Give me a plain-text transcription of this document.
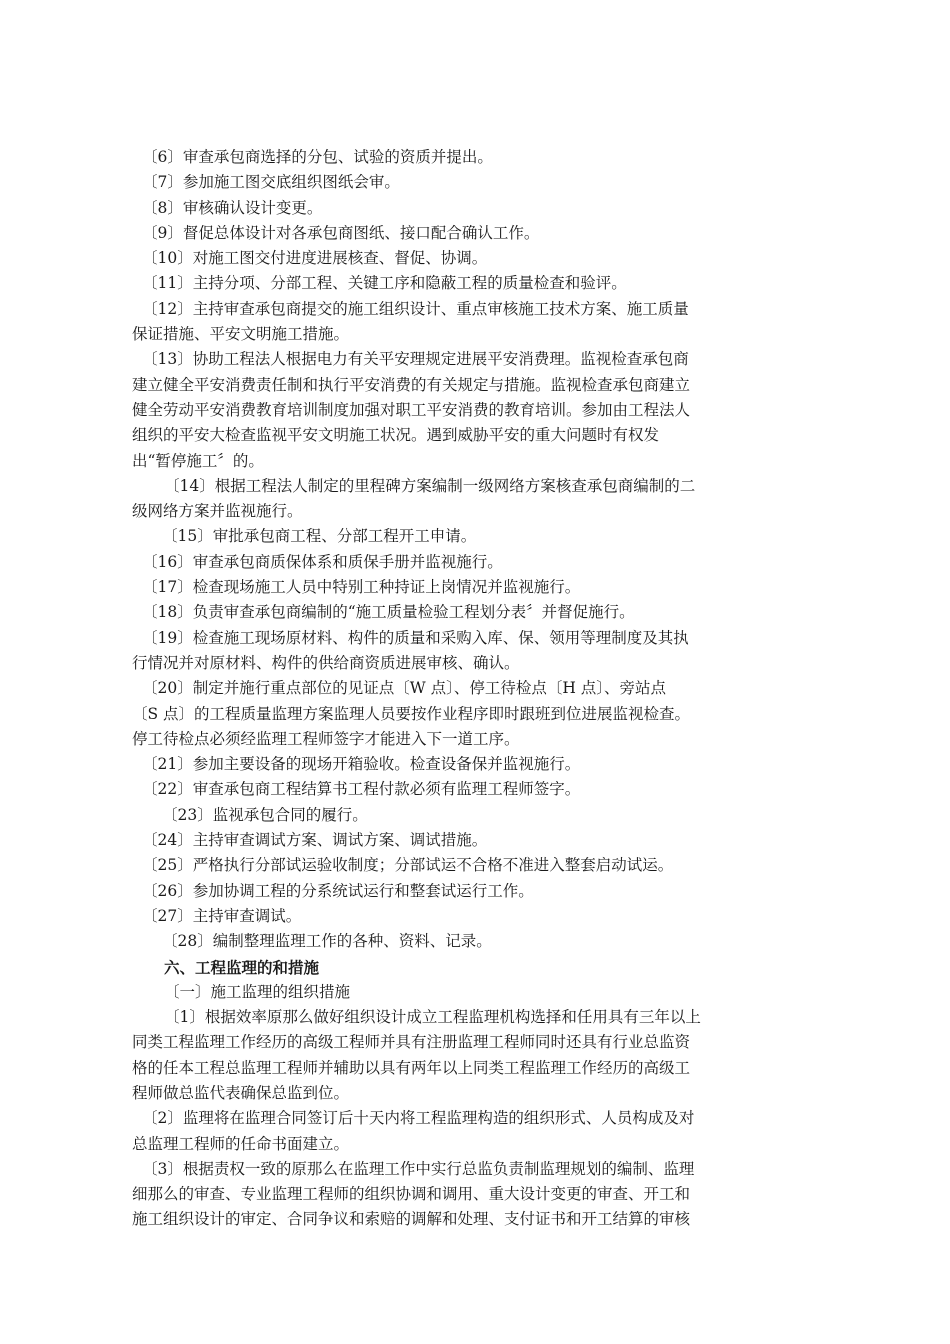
〔6〕审查承包商选择的分包、试验的资质并提出。
〔7〕参加施工图交底组织图纸会审。
〔8〕审核确认设计变更。
〔9〕督促总体设计对各承包商图纸、接口配合确认工作。
〔10〕对施工图交付进度进展核查、督促、协调。
〔11〕主持分项、分部工程、关键工序和隐蔽工程的质量检查和验评。
〔12〕主持审查承包商提交的施工组织设计、重点审核施工技术方案、施工质量
保证措施、平安文明施工措施。
〔13〕协助工程法人根据电力有关平安理规定进展平安消费理。监视检查承包商
建立健全平安消费责任制和执行平安消费的有关规定与措施。监视检查承包商建立
健全劳动平安消费教育培训制度加强对职工平安消费的教育培训。参加由工程法人
组织的平安大检查监视平安文明施工状况。遇到威胁平安的重大问题时有权发
出“暂停施工〞的。
〔14〕根据工程法人制定的里程碑方案编制一级网络方案核查承包商编制的二
级网络方案并监视施行。
〔15〕审批承包商工程、分部工程开工申请。
〔16〕审查承包商质保体系和质保手册并监视施行。
〔17〕检查现场施工人员中特别工种持证上岗情况并监视施行。
〔18〕负责审查承包商编制的“施工质量检验工程划分表〞并督促施行。
〔19〕检查施工现场原材料、构件的质量和采购入库、保、领用等理制度及其执
行情况并对原材料、构件的供给商资质进展审核、确认。
〔20〕制定并施行重点部位的见证点〔W 点〕、停工待检点〔H 点〕、旁站点
〔S 点〕的工程质量监理方案监理人员要按作业程序即时跟班到位进展监视检查。
停工待检点必须经监理工程师签字才能进入下一道工序。
〔21〕参加主要设备的现场开箱验收。检查设备保并监视施行。
〔22〕审查承包商工程结算书工程付款必须有监理工程师签字。
〔23〕监视承包合同的履行。
〔24〕主持审查调试方案、调试方案、调试措施。
〔25〕严格执行分部试运验收制度；分部试运不合格不准进入整套启动试运。
〔26〕参加协调工程的分系统试运行和整套试运行工作。
〔27〕主持审查调试。
〔28〕编制整理监理工作的各种、资料、记录。
六、工程监理的和措施
〔一〕施工监理的组织措施
〔1〕根据效率原那么做好组织设计成立工程监理机构选择和任用具有三年以上
同类工程监理工作经历的高级工程师并具有注册监理工程师同时还具有行业总监资
格的任本工程总监理工程师并辅助以具有两年以上同类工程监理工作经历的高级工
程师做总监代表确保总监到位。
〔2〕监理将在监理合同签订后十天内将工程监理构造的组织形式、人员构成及对
总监理工程师的任命书面建立。
〔3〕根据责权一致的原那么在监理工作中实行总监负责制监理规划的编制、监理
细那么的审查、专业监理工程师的组织协调和调用、重大设计变更的审查、开工和
施工组织设计的审定、合同争议和索赔的调解和处理、支付证书和开工结算的审核
